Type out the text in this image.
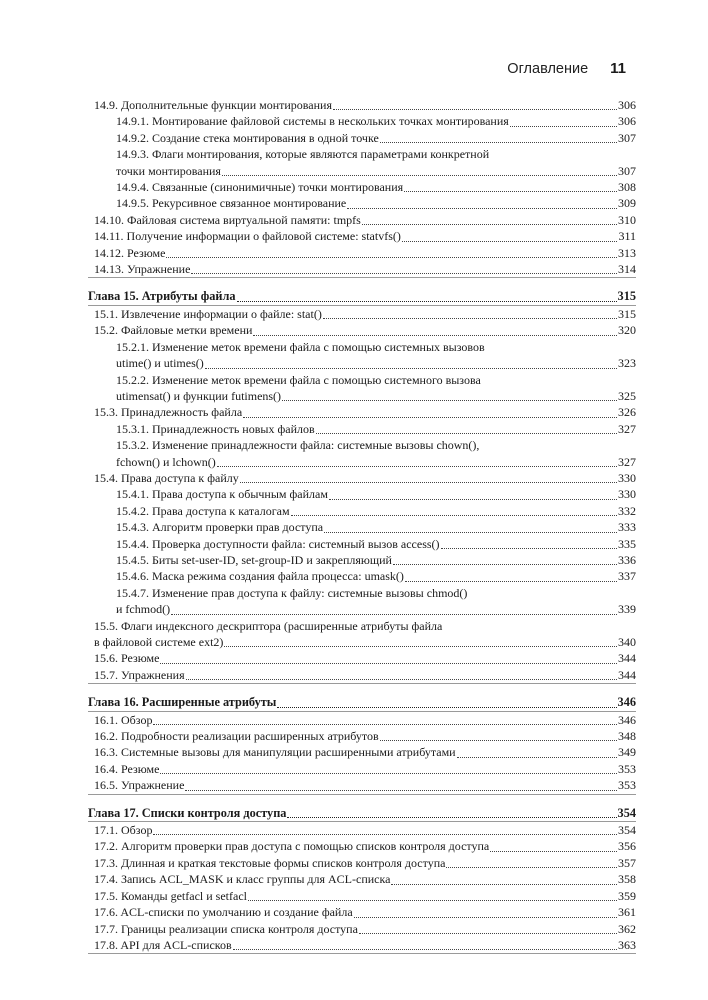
Оглавление 11
14.9. Дополнительные функции монтирования	306
14.9.1. Монтирование файловой системы в нескольких точках монтирования	306
14.9.2. Создание стека монтирования в одной точке	307
14.9.3. Флаги монтирования, которые являются параметрами конкретной
точки монтирования	307
14.9.4. Связанные (синонимичные) точки монтирования	308
14.9.5. Рекурсивное связанное монтирование	309
14.10. Файловая система виртуальной памяти: tmpfs	310
14.11. Получение информации о файловой системе: statvfs()	311
14.12. Резюме	313
14.13. Упражнение	314
Глава 15. Атрибуты файла	315
15.1. Извлечение информации о файле: stat()	315
15.2. Файловые метки времени	320
15.2.1. Изменение меток времени файла с помощью системных вызовов
utime() и utimes()	323
15.2.2. Изменение меток времени файла с помощью системного вызова
utimensat() и функции futimens()	325
15.3. Принадлежность файла	326
15.3.1. Принадлежность новых файлов	327
15.3.2. Изменение принадлежности файла: системные вызовы chown(),
fchown() и lchown()	327
15.4. Права доступа к файлу	330
15.4.1. Права доступа к обычным файлам	330
15.4.2. Права доступа к каталогам	332
15.4.3. Алгоритм проверки прав доступа	333
15.4.4. Проверка доступности файла: системный вызов access()	335
15.4.5. Биты set-user-ID, set-group-ID и закрепляющий	336
15.4.6. Маска режима создания файла процесса: umask()	337
15.4.7. Изменение прав доступа к файлу: системные вызовы chmod()
и fchmod()	339
15.5. Флаги индексного дескриптора (расширенные атрибуты файла
в файловой системе ext2)	340
15.6. Резюме	344
15.7. Упражнения	344
Глава 16. Расширенные атрибуты	346
16.1. Обзор	346
16.2. Подробности реализации расширенных атрибутов	348
16.3. Системные вызовы для манипуляции расширенными атрибутами	349
16.4. Резюме	353
16.5. Упражнение	353
Глава 17. Списки контроля доступа	354
17.1. Обзор	354
17.2. Алгоритм проверки прав доступа с помощью списков контроля доступа	356
17.3. Длинная и краткая текстовые формы списков контроля доступа	357
17.4. Запись ACL_MASK и класс группы для ACL-списка	358
17.5. Команды getfacl и setfacl	359
17.6. ACL-списки по умолчанию и создание файла	361
17.7. Границы реализации списка контроля доступа	362
17.8. API для ACL-списков	363
